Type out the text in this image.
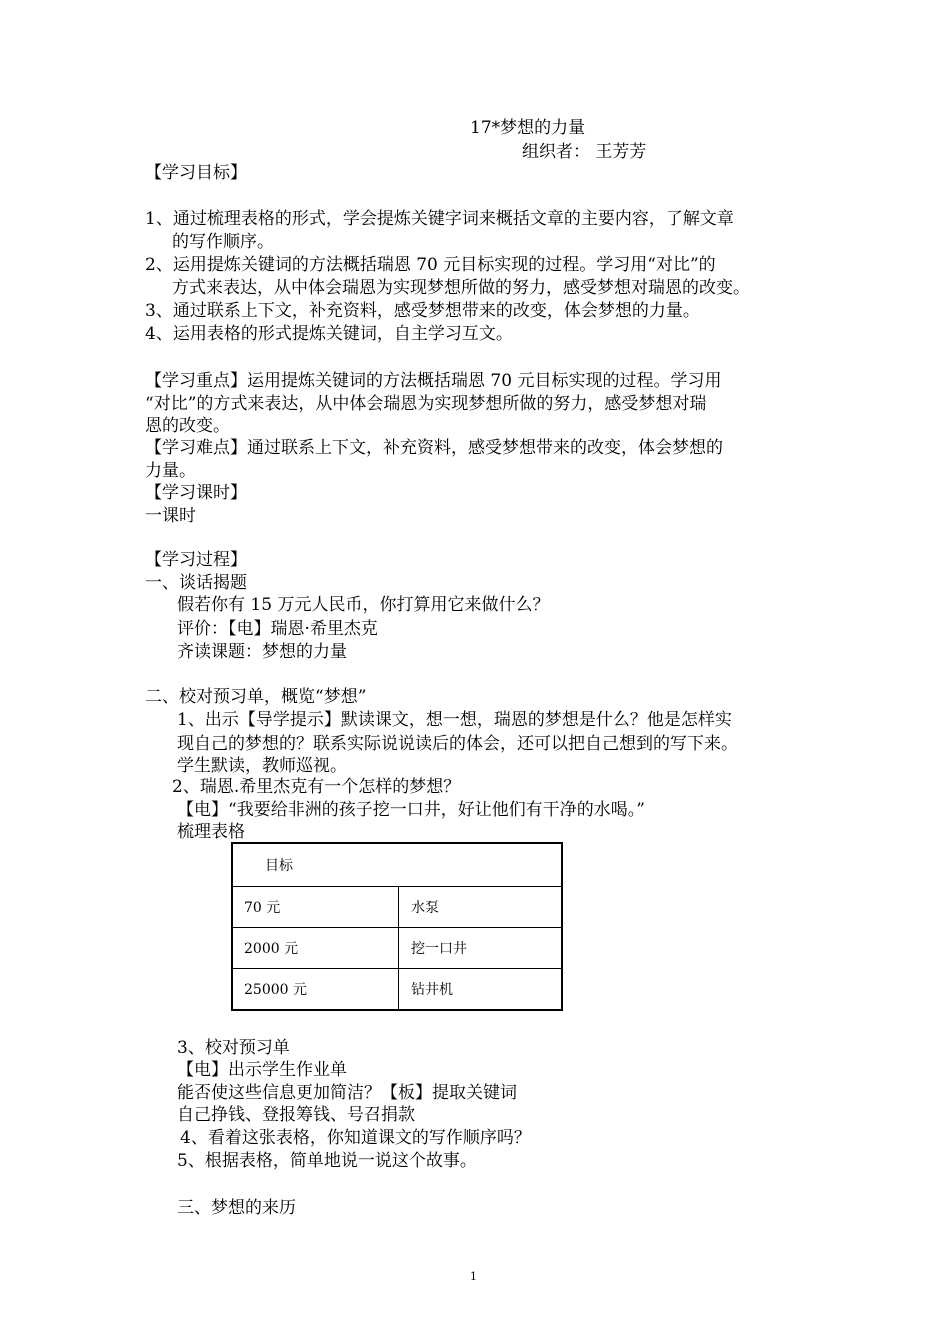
17*梦想的力量
组织者： 王芳芳
【学习目标】
1、通过梳理表格的形式，学会提炼关键字词来概括文章的主要内容，了解文章
的写作顺序。
2、运用提炼关键词的方法概括瑞恩 70 元目标实现的过程。学习用“对比”的
方式来表达，从中体会瑞恩为实现梦想所做的努力，感受梦想对瑞恩的改变。
3、通过联系上下文，补充资料，感受梦想带来的改变，体会梦想的力量。
4、运用表格的形式提炼关键词，自主学习互文。
【学习重点】运用提炼关键词的方法概括瑞恩 70 元目标实现的过程。学习用
“对比”的方式来表达，从中体会瑞恩为实现梦想所做的努力，感受梦想对瑞
恩的改变。
【学习难点】通过联系上下文，补充资料，感受梦想带来的改变，体会梦想的
力量。
【学习课时】
一课时
【学习过程】
一、谈话揭题
假若你有 15 万元人民币，你打算用它来做什么？
评价：【电】瑞恩·希里杰克
齐读课题：梦想的力量
二、校对预习单，概览“梦想”
1、出示【导学提示】默读课文，想一想，瑞恩的梦想是什么？他是怎样实
现自己的梦想的？联系实际说说读后的体会，还可以把自己想到的写下来。
学生默读，教师巡视。
2、瑞恩.希里杰克有一个怎样的梦想？
【电】“我要给非洲的孩子挖一口井，好让他们有干净的水喝。”
梳理表格
目标
70 元	水泵
2000 元	挖一口井
25000 元	钻井机
3、校对预习单
【电】出示学生作业单
能否使这些信息更加简洁？【板】提取关键词
自己挣钱、登报筹钱、号召捐款
4、看着这张表格，你知道课文的写作顺序吗？
5、根据表格，简单地说一说这个故事。
三、梦想的来历
1
